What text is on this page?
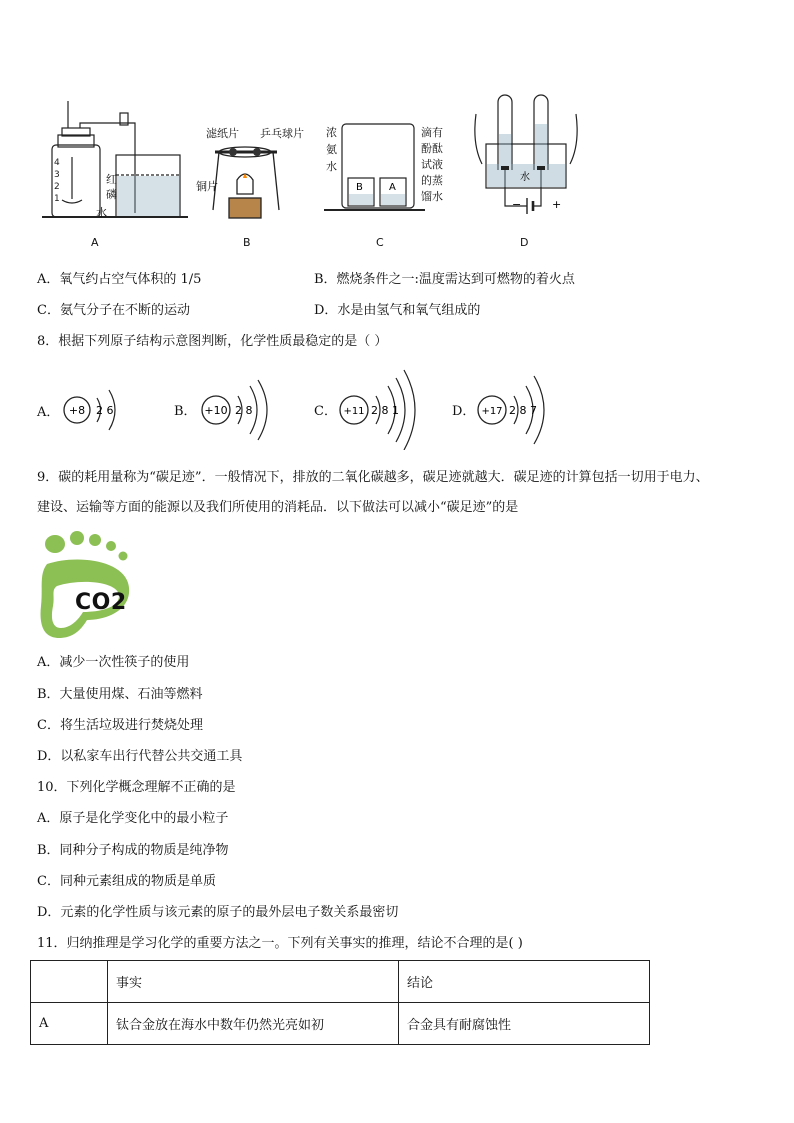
4
3
2
1
红
磷
水
滤纸片 乒乓球片
铜片	B	A
浓
氨
水
滴有
酚酞
试液
的蒸
馏水
水
−	+
A	B	C	D
A．氧气约占空气体积的 1/5	B．燃烧条件之一:温度需达到可燃物的着火点
C．氨气分子在不断的运动	D．水是由氢气和氧气组成的
8．根据下列原子结构示意图判断，化学性质最稳定的是（ ）
A． +8 2 6	B． +10 2 8	C． +11 2 8 1	D． +17 2 8 7
9．碳的耗用量称为“碳足迹”．一般情况下，排放的二氧化碳越多，碳足迹就越大．碳足迹的计算包括一切用于电力、
建设、运输等方面的能源以及我们所使用的消耗品．以下做法可以减小“碳足迹”的是
CO2
A．减少一次性筷子的使用
B．大量使用煤、石油等燃料
C．将生活垃圾进行焚烧处理
D．以私家车出行代替公共交通工具
10．下列化学概念理解不正确的是
A．原子是化学变化中的最小粒子
B．同种分子构成的物质是纯净物
C．同种元素组成的物质是单质
D．元素的化学性质与该元素的原子的最外层电子数关系最密切
11．归纳推理是学习化学的重要方法之一。下列有关事实的推理，结论不合理的是( )
	事实	结论
A	钛合金放在海水中数年仍然光亮如初	合金具有耐腐蚀性
